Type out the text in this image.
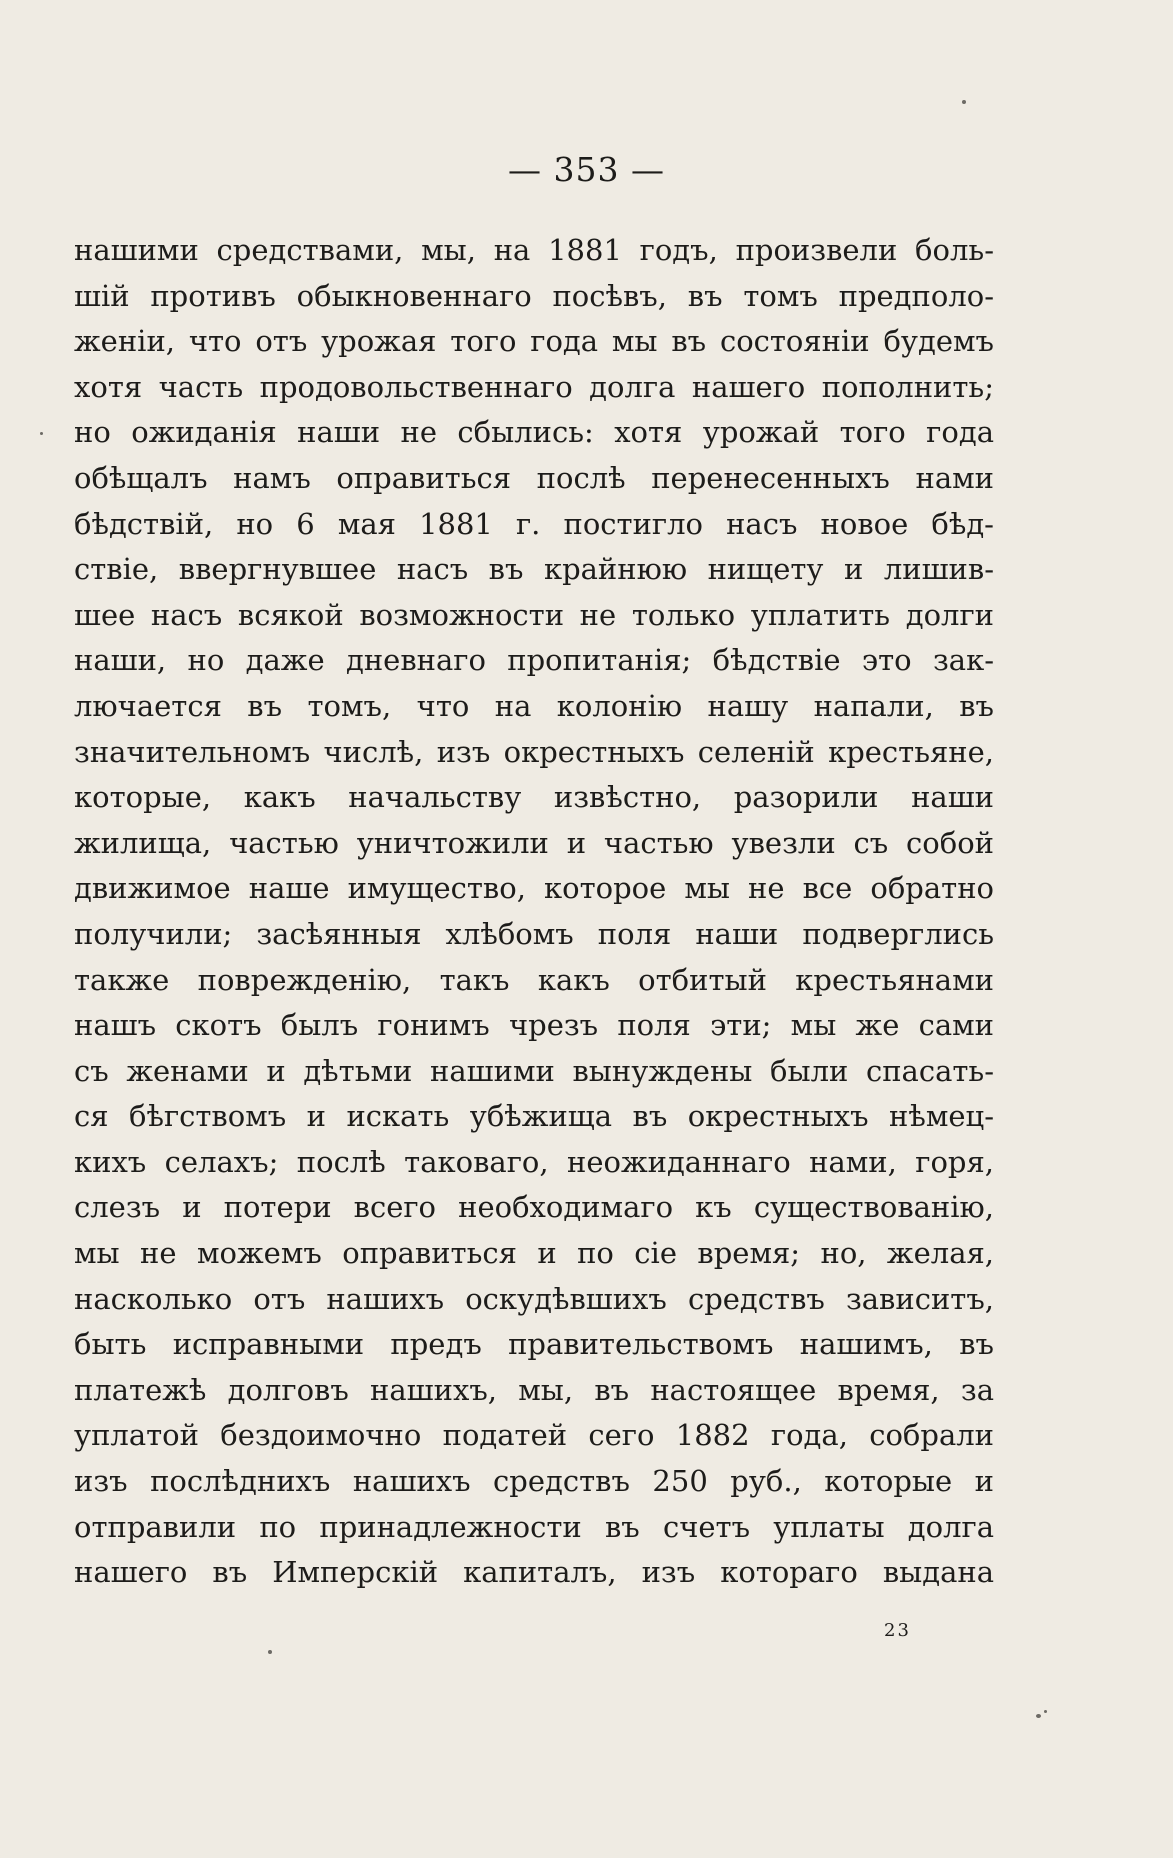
— 353 —
нашими средствами, мы, на 1881 годъ, произвели боль-
шій противъ обыкновеннаго посѣвъ, въ томъ предполо-
женіи, что отъ урожая того года мы въ состояніи будемъ
хотя часть продовольственнаго долга нашего пополнить;
но ожиданія наши не сбылись: хотя урожай того года
обѣщалъ намъ оправиться послѣ перенесенныхъ нами
бѣдствій, но 6 мая 1881 г. постигло насъ новое бѣд-
ствіе, ввергнувшее насъ въ крайнюю нищету и лишив-
шее насъ всякой возможности не только уплатить долги
наши, но даже дневнаго пропитанія; бѣдствіе это зак-
лючается въ томъ, что на колонію нашу напали, въ
значительномъ числѣ, изъ окрестныхъ селеній крестьяне,
которые, какъ начальству извѣстно, разорили наши
жилища, частью уничтожили и частью увезли съ собой
движимое наше имущество, которое мы не все обратно
получили; засѣянныя хлѣбомъ поля наши подверглись
также поврежденію, такъ какъ отбитый крестьянами
нашъ скотъ былъ гонимъ чрезъ поля эти; мы же сами
съ женами и дѣтьми нашими вынуждены были спасать-
ся бѣгствомъ и искать убѣжища въ окрестныхъ нѣмец-
кихъ селахъ; послѣ таковаго, неожиданнаго нами, горя,
слезъ и потери всего необходимаго къ существованію,
мы не можемъ оправиться и по сіе время; но, желая,
насколько отъ нашихъ оскудѣвшихъ средствъ зависитъ,
быть исправными предъ правительствомъ нашимъ, въ
платежѣ долговъ нашихъ, мы, въ настоящее время, за
уплатой бездоимочно податей сего 1882 года, собрали
изъ послѣднихъ нашихъ средствъ 250 руб., которые и
отправили по принадлежности въ счетъ уплаты долга
нашего въ Имперскій капиталъ, изъ котораго выдана
23
